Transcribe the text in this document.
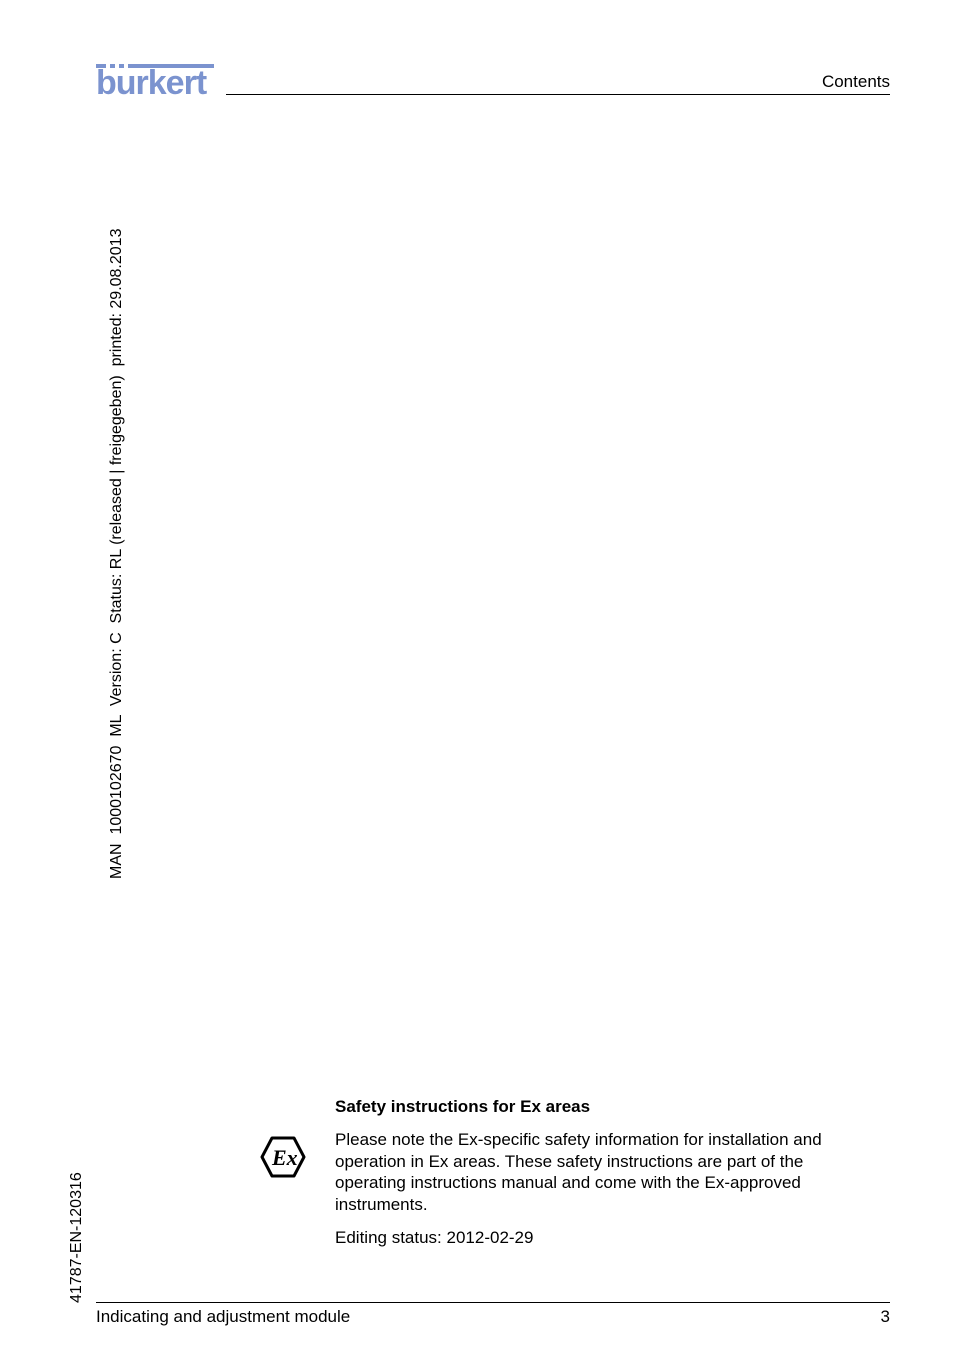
burkert	Contents
MAN  1000102670  ML  Version: C  Status: RL (released | freigegeben)  printed: 29.08.2013
41787-EN-120316
Ex
Safety instructions for Ex areas

Please note the Ex-specific safety information for installation and operation in Ex areas. These safety instructions are part of the operating instructions manual and come with the Ex-approved instruments.

Editing status: 2012-02-29

Indicating and adjustment module	3
